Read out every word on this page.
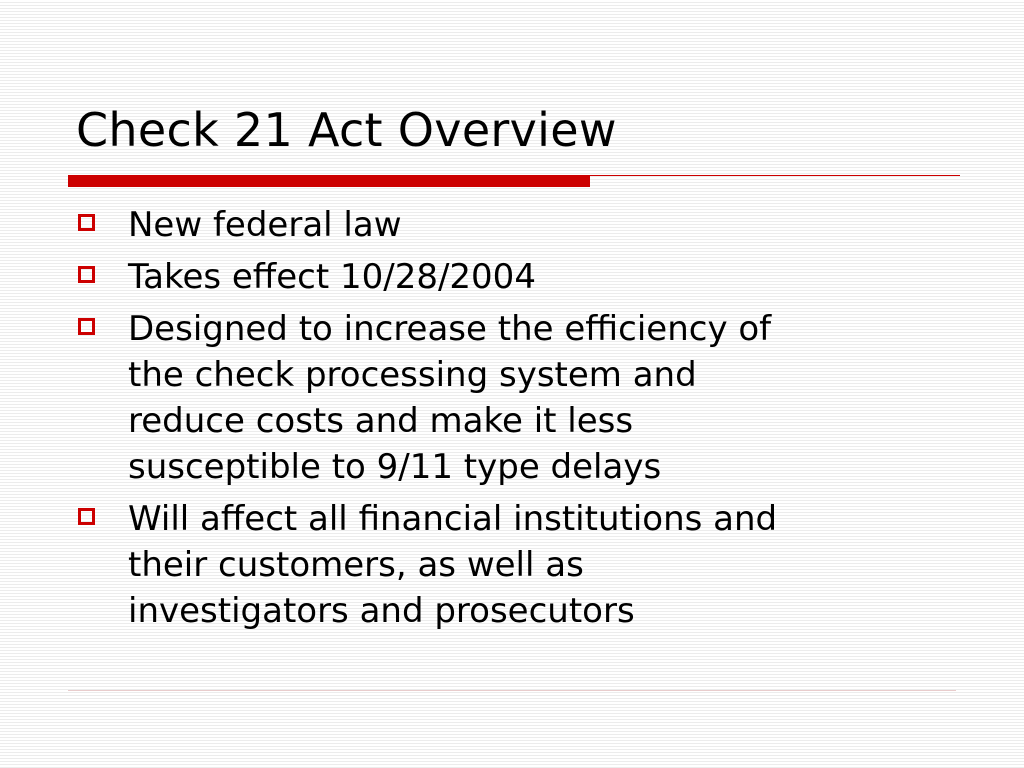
Check 21 Act Overview
New federal law
Takes effect 10/28/2004
Designed to increase the efficiency of
the check processing system and
reduce costs and make it less
susceptible to 9/11 type delays
Will affect all financial institutions and
their customers, as well as
investigators and prosecutors
